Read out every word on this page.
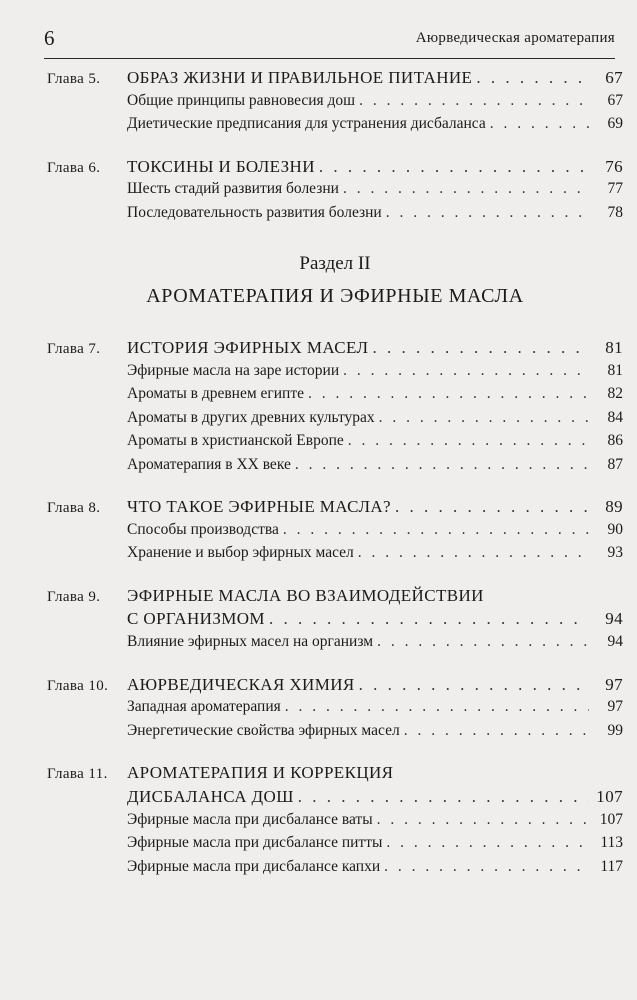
6	Аюрведическая ароматерапия
Глава 5.	ОБРАЗ ЖИЗНИ И ПРАВИЛЬНОЕ ПИТАНИЕ . . .	67
Общие принципы равновесия дош . . .	67
Диетические предписания для устранения дисбаланса . . .	69
Глава 6.	ТОКСИНЫ И БОЛЕЗНИ . . .	76
Шесть стадий развития болезни . . .	77
Последовательность развития болезни . . .	78
Раздел II
АРОМАТЕРАПИЯ И ЭФИРНЫЕ МАСЛА
Глава 7.	ИСТОРИЯ ЭФИРНЫХ МАСЕЛ . . .	81
Эфирные масла на заре истории . . .	81
Ароматы в древнем египте . . .	82
Ароматы в других древних культурах . . .	84
Ароматы в христианской Европе . . .	86
Ароматерапия в XX веке . . .	87
Глава 8.	ЧТО ТАКОЕ ЭФИРНЫЕ МАСЛА? . . .	89
Способы производства . . .	90
Хранение и выбор эфирных масел . . .	93
Глава 9.	ЭФИРНЫЕ МАСЛА ВО ВЗАИМОДЕЙСТВИИ
С ОРГАНИЗМОМ . . .	94
Влияние эфирных масел на организм . . .	94
Глава 10.	АЮРВЕДИЧЕСКАЯ ХИМИЯ . . .	97
Западная ароматерапия . . .	97
Энергетические свойства эфирных масел . . .	99
Глава 11.	АРОМАТЕРАПИЯ И КОРРЕКЦИЯ
ДИСБАЛАНСА ДОШ . . .	107
Эфирные масла при дисбалансе ваты . . .	107
Эфирные масла при дисбалансе питты . . .	113
Эфирные масла при дисбалансе капхи . . .	117
